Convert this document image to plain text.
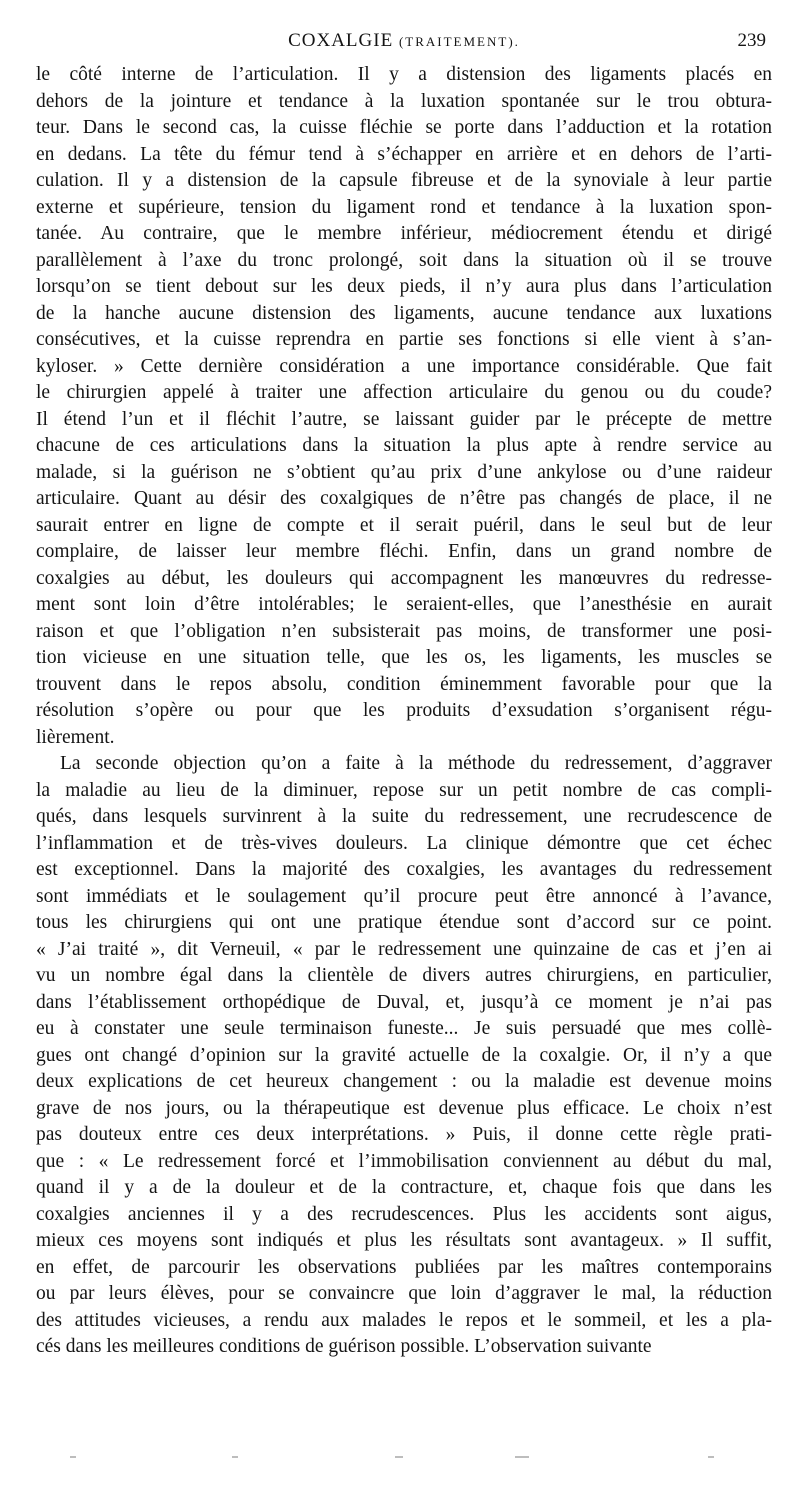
COXALGIE (TRAITEMENT).	239
le côté interne de l’articulation. Il y a distension des ligaments placés en
dehors de la jointure et tendance à la luxation spontanée sur le trou obtura-
teur. Dans le second cas, la cuisse fléchie se porte dans l’adduction et la rotation
en dedans. La tête du fémur tend à s’échapper en arrière et en dehors de l’arti-
culation. Il y a distension de la capsule fibreuse et de la synoviale à leur partie
externe et supérieure, tension du ligament rond et tendance à la luxation spon-
tanée. Au contraire, que le membre inférieur, médiocrement étendu et dirigé
parallèlement à l’axe du tronc prolongé, soit dans la situation où il se trouve
lorsqu’on se tient debout sur les deux pieds, il n’y aura plus dans l’articulation
de la hanche aucune distension des ligaments, aucune tendance aux luxations
consécutives, et la cuisse reprendra en partie ses fonctions si elle vient à s’an-
kyloser. » Cette dernière considération a une importance considérable. Que fait
le chirurgien appelé à traiter une affection articulaire du genou ou du coude?
Il étend l’un et il fléchit l’autre, se laissant guider par le précepte de mettre
chacune de ces articulations dans la situation la plus apte à rendre service au
malade, si la guérison ne s’obtient qu’au prix d’une ankylose ou d’une raideur
articulaire. Quant au désir des coxalgiques de n’être pas changés de place, il ne
saurait entrer en ligne de compte et il serait puéril, dans le seul but de leur
complaire, de laisser leur membre fléchi. Enfin, dans un grand nombre de
coxalgies au début, les douleurs qui accompagnent les manœuvres du redresse-
ment sont loin d’être intolérables; le seraient-elles, que l’anesthésie en aurait
raison et que l’obligation n’en subsisterait pas moins, de transformer une posi-
tion vicieuse en une situation telle, que les os, les ligaments, les muscles se
trouvent dans le repos absolu, condition éminemment favorable pour que la
résolution s’opère ou pour que les produits d’exsudation s’organisent régu-
lièrement.
La seconde objection qu’on a faite à la méthode du redressement, d’aggraver
la maladie au lieu de la diminuer, repose sur un petit nombre de cas compli-
qués, dans lesquels survinrent à la suite du redressement, une recrudescence de
l’inflammation et de très-vives douleurs. La clinique démontre que cet échec
est exceptionnel. Dans la majorité des coxalgies, les avantages du redressement
sont immédiats et le soulagement qu’il procure peut être annoncé à l’avance,
tous les chirurgiens qui ont une pratique étendue sont d’accord sur ce point.
« J’ai traité », dit Verneuil, « par le redressement une quinzaine de cas et j’en ai
vu un nombre égal dans la clientèle de divers autres chirurgiens, en particulier,
dans l’établissement orthopédique de Duval, et, jusqu’à ce moment je n’ai pas
eu à constater une seule terminaison funeste... Je suis persuadé que mes collè-
gues ont changé d’opinion sur la gravité actuelle de la coxalgie. Or, il n’y a que
deux explications de cet heureux changement : ou la maladie est devenue moins
grave de nos jours, ou la thérapeutique est devenue plus efficace. Le choix n’est
pas douteux entre ces deux interprétations. » Puis, il donne cette règle prati-
que : « Le redressement forcé et l’immobilisation conviennent au début du mal,
quand il y a de la douleur et de la contracture, et, chaque fois que dans les
coxalgies anciennes il y a des recrudescences. Plus les accidents sont aigus,
mieux ces moyens sont indiqués et plus les résultats sont avantageux. » Il suffit,
en effet, de parcourir les observations publiées par les maîtres contemporains
ou par leurs élèves, pour se convaincre que loin d’aggraver le mal, la réduction
des attitudes vicieuses, a rendu aux malades le repos et le sommeil, et les a pla-
cés dans les meilleures conditions de guérison possible. L’observation suivante
